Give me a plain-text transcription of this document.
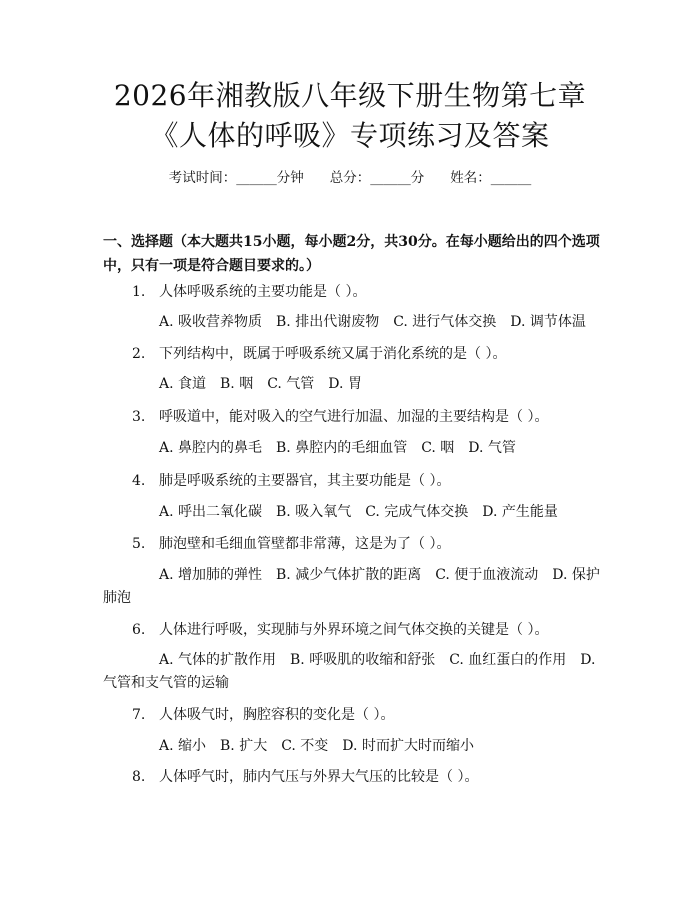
2026年湘教版八年级下册生物第七章《人体的呼吸》专项练习及答案
考试时间：______分钟 总分：______分 姓名：______
一、选择题（本大题共15小题，每小题2分，共30分。在每小题给出的四个选项中，只有一项是符合题目要求的。）
1. 人体呼吸系统的主要功能是（ ）。
A. 吸收营养物质　B. 排出代谢废物　C. 进行气体交换　D. 调节体温
2. 下列结构中，既属于呼吸系统又属于消化系统的是（ ）。
A. 食道　B. 咽　C. 气管　D. 胃
3. 呼吸道中，能对吸入的空气进行加温、加湿的主要结构是（ ）。
A. 鼻腔内的鼻毛　B. 鼻腔内的毛细血管　C. 咽　D. 气管
4. 肺是呼吸系统的主要器官，其主要功能是（ ）。
A. 呼出二氧化碳　B. 吸入氧气　C. 完成气体交换　D. 产生能量
5. 肺泡壁和毛细血管壁都非常薄，这是为了（ ）。
A. 增加肺的弹性　B. 减少气体扩散的距离　C. 便于血液流动　D. 保护肺泡
6. 人体进行呼吸，实现肺与外界环境之间气体交换的关键是（ ）。
A. 气体的扩散作用　B. 呼吸肌的收缩和舒张　C. 血红蛋白的作用　D. 气管和支气管的运输
7. 人体吸气时，胸腔容积的变化是（ ）。
A. 缩小　B. 扩大　C. 不变　D. 时而扩大时而缩小
8. 人体呼气时，肺内气压与外界大气压的比较是（ ）。
